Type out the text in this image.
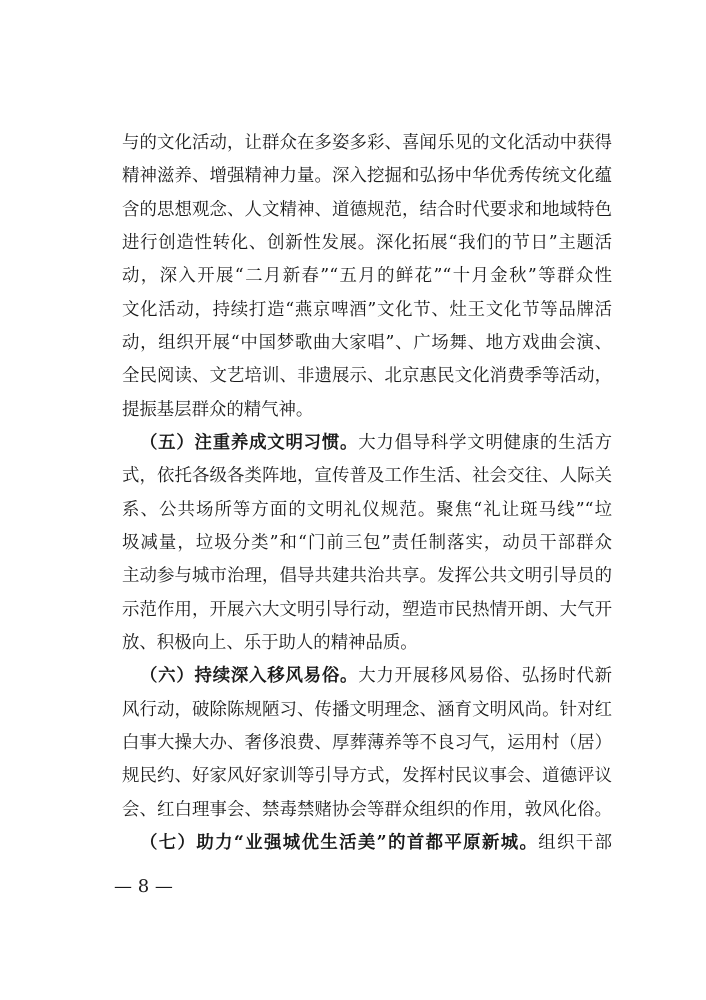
与的文化活动，让群众在多姿多彩、喜闻乐见的文化活动中获得
精神滋养、增强精神力量。深入挖掘和弘扬中华优秀传统文化蕴
含的思想观念、人文精神、道德规范，结合时代要求和地域特色
进行创造性转化、创新性发展。深化拓展“我们的节日”主题活
动，深入开展“二月新春”“五月的鲜花”“十月金秋”等群众性
文化活动，持续打造“燕京啤酒”文化节、灶王文化节等品牌活
动，组织开展“中国梦歌曲大家唱”、广场舞、地方戏曲会演、
全民阅读、文艺培训、非遗展示、北京惠民文化消费季等活动，
提振基层群众的精气神。
（五）注重养成文明习惯。大力倡导科学文明健康的生活方
式，依托各级各类阵地，宣传普及工作生活、社会交往、人际关
系、公共场所等方面的文明礼仪规范。聚焦“礼让斑马线”“垃
圾减量，垃圾分类”和“门前三包”责任制落实，动员干部群众
主动参与城市治理，倡导共建共治共享。发挥公共文明引导员的
示范作用，开展六大文明引导行动，塑造市民热情开朗、大气开
放、积极向上、乐于助人的精神品质。
（六）持续深入移风易俗。大力开展移风易俗、弘扬时代新
风行动，破除陈规陋习、传播文明理念、涵育文明风尚。针对红
白事大操大办、奢侈浪费、厚葬薄养等不良习气，运用村（居）
规民约、好家风好家训等引导方式，发挥村民议事会、道德评议
会、红白理事会、禁毒禁赌协会等群众组织的作用，敦风化俗。
（七）助力“业强城优生活美”的首都平原新城。组织干部
— 8 —
